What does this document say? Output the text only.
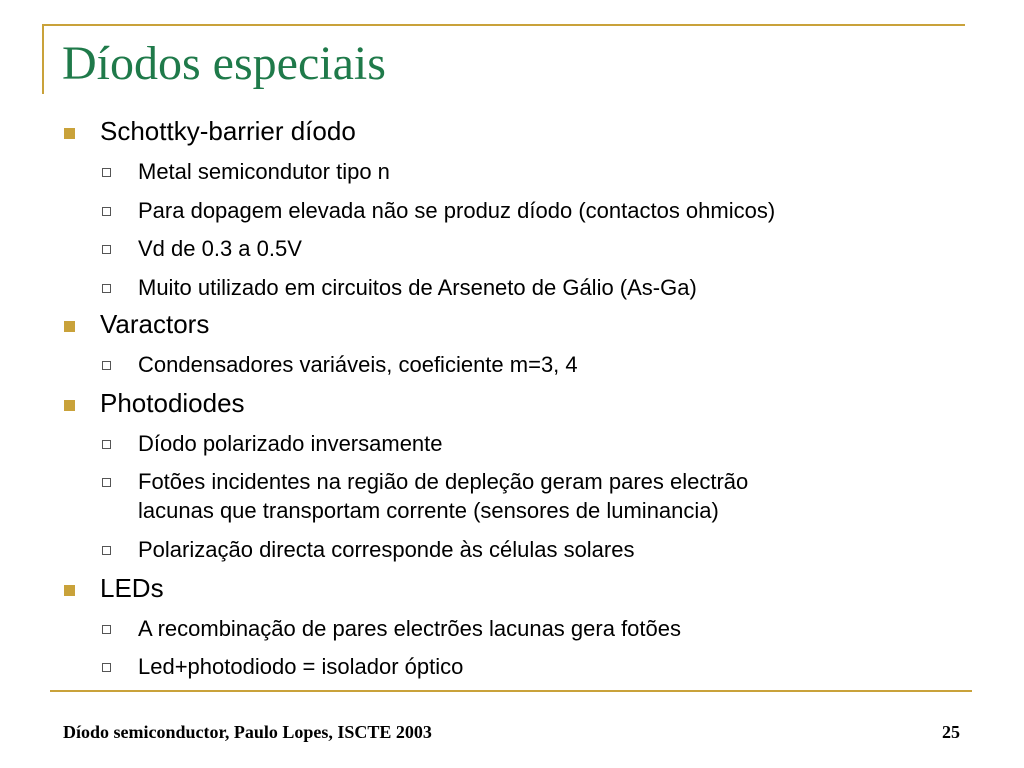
Díodos especiais
Schottky-barrier díodo
Metal semicondutor tipo n
Para dopagem elevada não se produz díodo (contactos ohmicos)
Vd de 0.3 a 0.5V
Muito utilizado em circuitos de Arseneto de Gálio (As-Ga)
Varactors
Condensadores variáveis, coeficiente m=3, 4
Photodiodes
Díodo polarizado inversamente
Fotões incidentes na região de depleção geram pares electrão
lacunas que transportam corrente (sensores de luminancia)
Polarização directa corresponde às células solares
LEDs
A recombinação de pares electrões lacunas gera fotões
Led+photodiodo = isolador óptico
Díodo semiconductor, Paulo Lopes, ISCTE 2003	25
